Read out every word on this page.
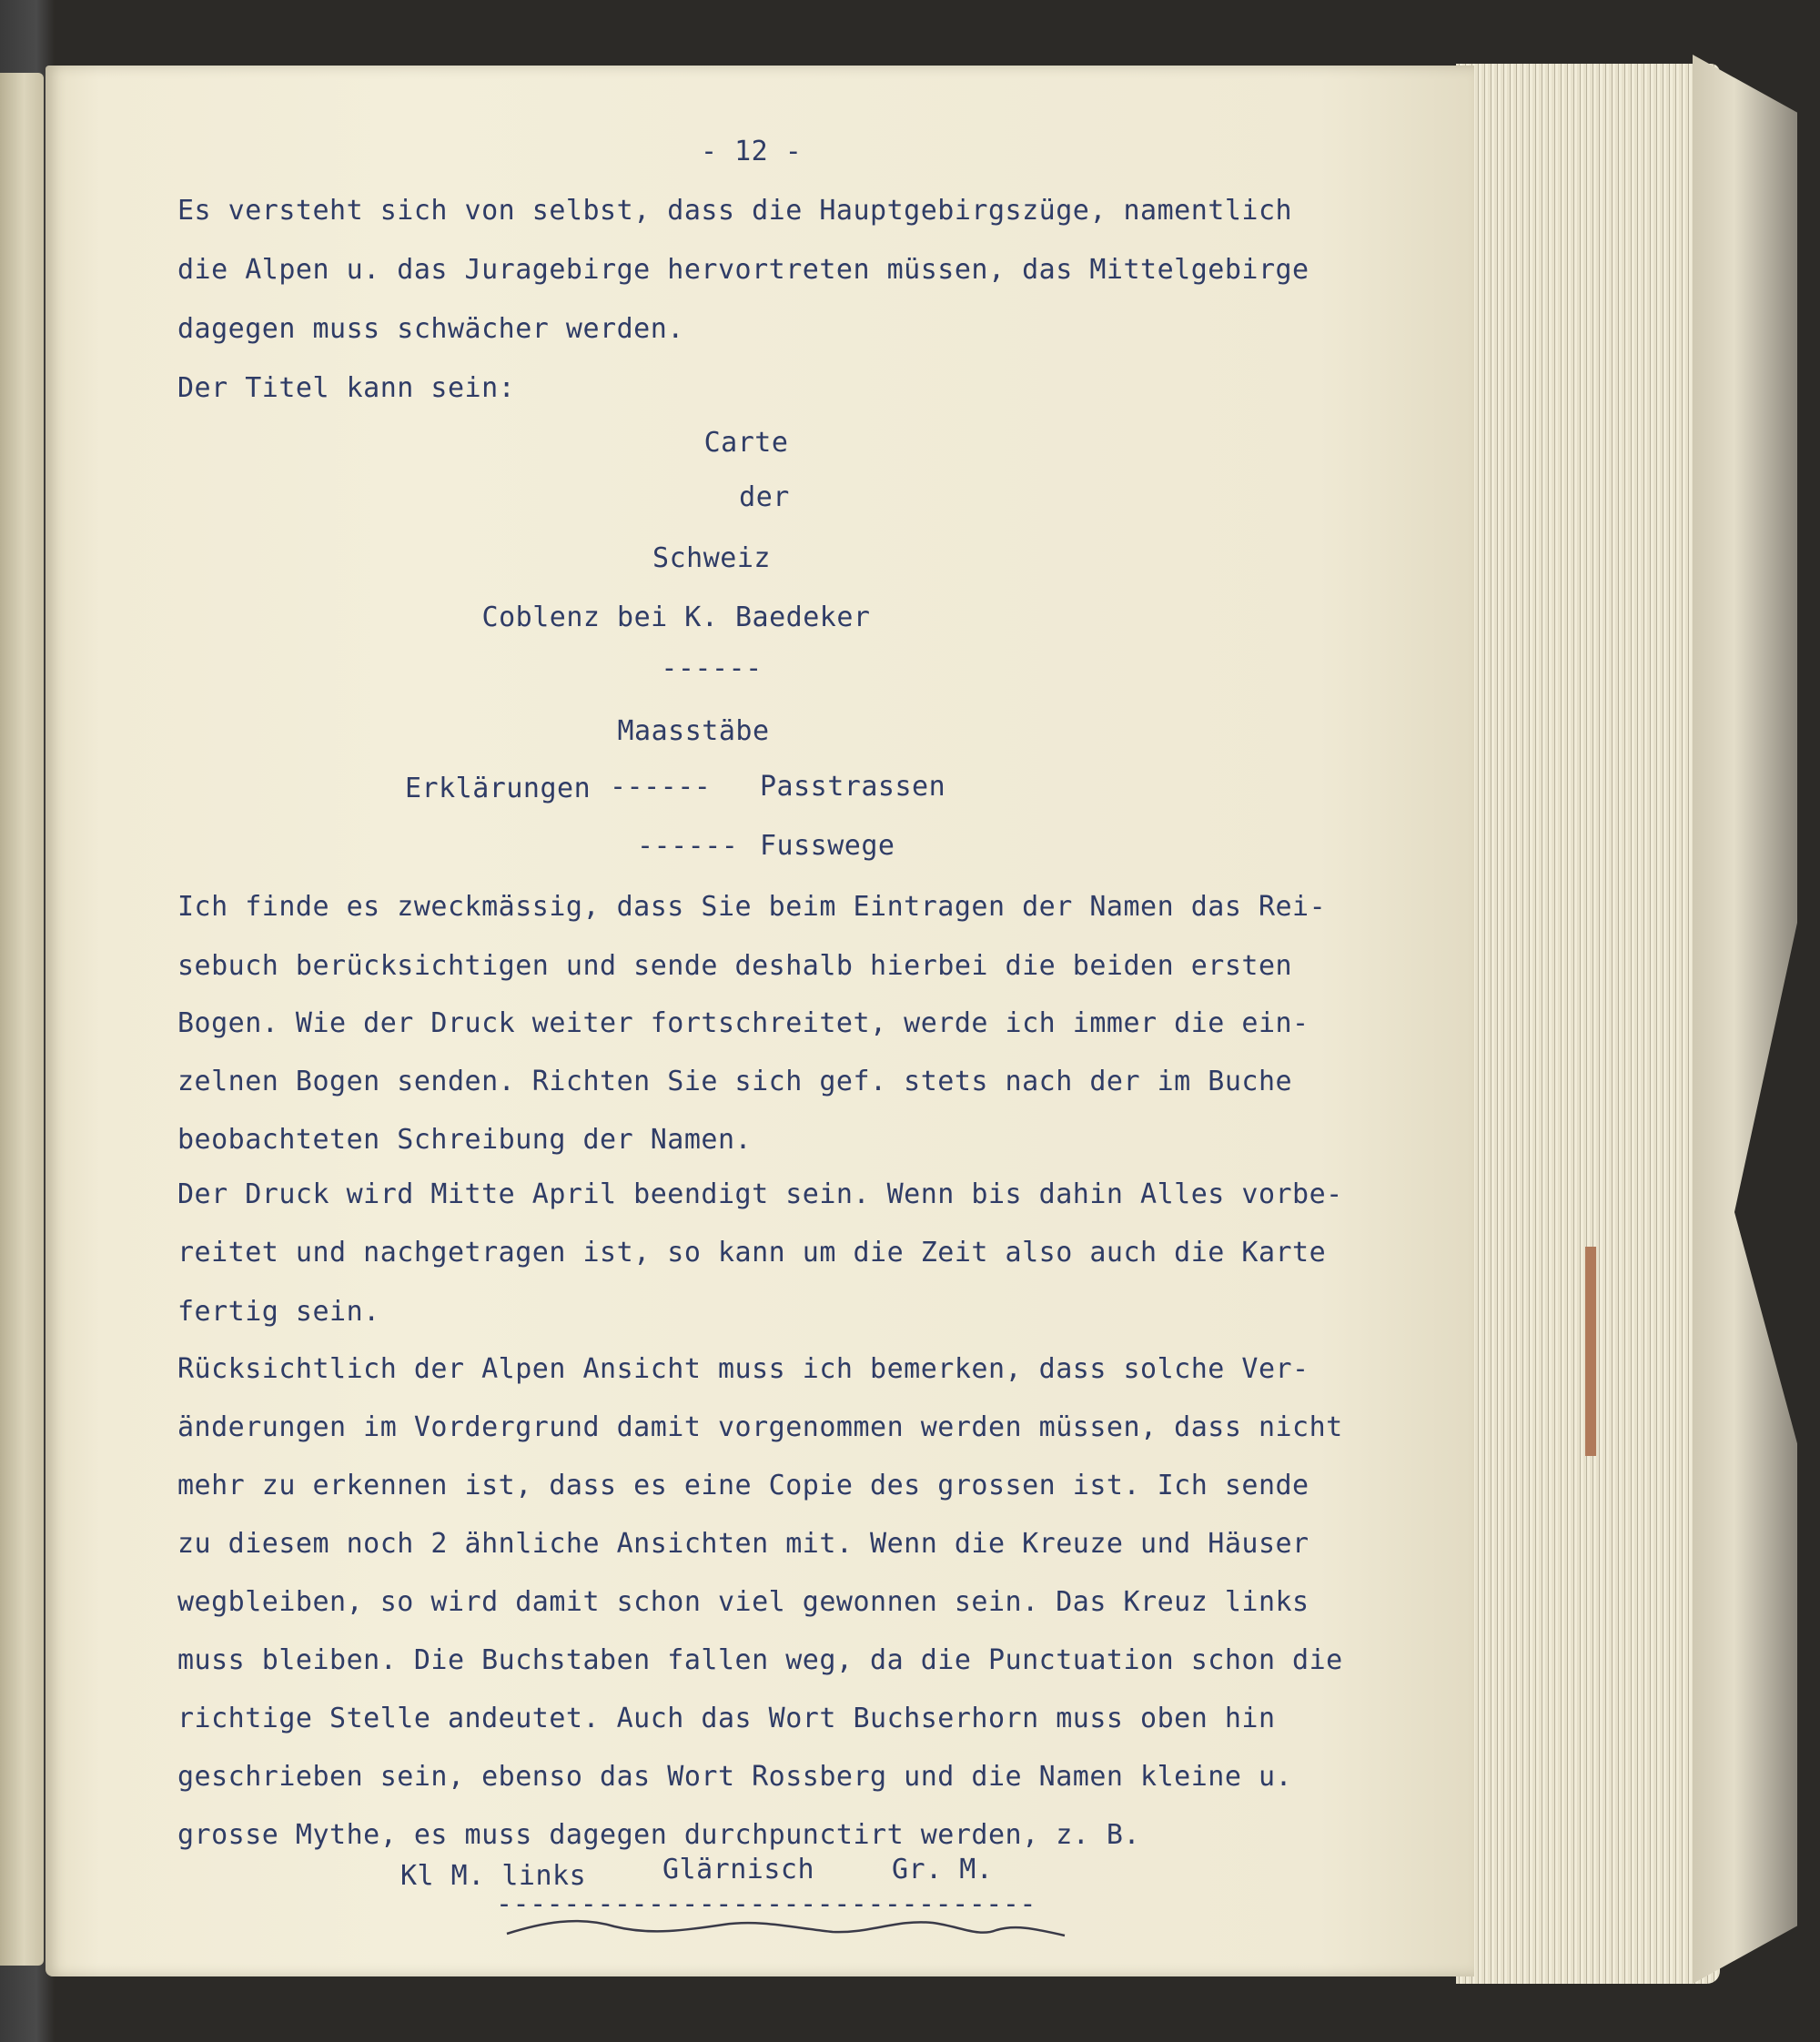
- 12 -
Es versteht sich von selbst, dass die Hauptgebirgszüge, namentlich
die Alpen u. das Juragebirge hervortreten müssen, das Mittelgebirge
dagegen muss schwächer werden.
Der Titel kann sein:
Carte
der
Schweiz
Coblenz bei K. Baedeker
------
Maasstäbe
Erklärungen ------ Passtrassen
------ Fusswege
Ich finde es zweckmässig, dass Sie beim Eintragen der Namen das Rei-
sebuch berücksichtigen und sende deshalb hierbei die beiden ersten
Bogen. Wie der Druck weiter fortschreitet, werde ich immer die ein-
zelnen Bogen senden. Richten Sie sich gef. stets nach der im Buche
beobachteten Schreibung der Namen.
Der Druck wird Mitte April beendigt sein. Wenn bis dahin Alles vorbe-
reitet und nachgetragen ist, so kann um die Zeit also auch die Karte
fertig sein.
Rücksichtlich der Alpen Ansicht muss ich bemerken, dass solche Ver-
änderungen im Vordergrund damit vorgenommen werden müssen, dass nicht
mehr zu erkennen ist, dass es eine Copie des grossen ist. Ich sende
zu diesem noch 2 ähnliche Ansichten mit. Wenn die Kreuze und Häuser
wegbleiben, so wird damit schon viel gewonnen sein. Das Kreuz links
muss bleiben. Die Buchstaben fallen weg, da die Punctuation schon die
richtige Stelle andeutet. Auch das Wort Buchserhorn muss oben hin
geschrieben sein, ebenso das Wort Rossberg und die Namen kleine u.
grosse Mythe, es muss dagegen durchpunctirt werden, z. B.
Kl M. links	Glärnisch	Gr. M.
--------------------------------
